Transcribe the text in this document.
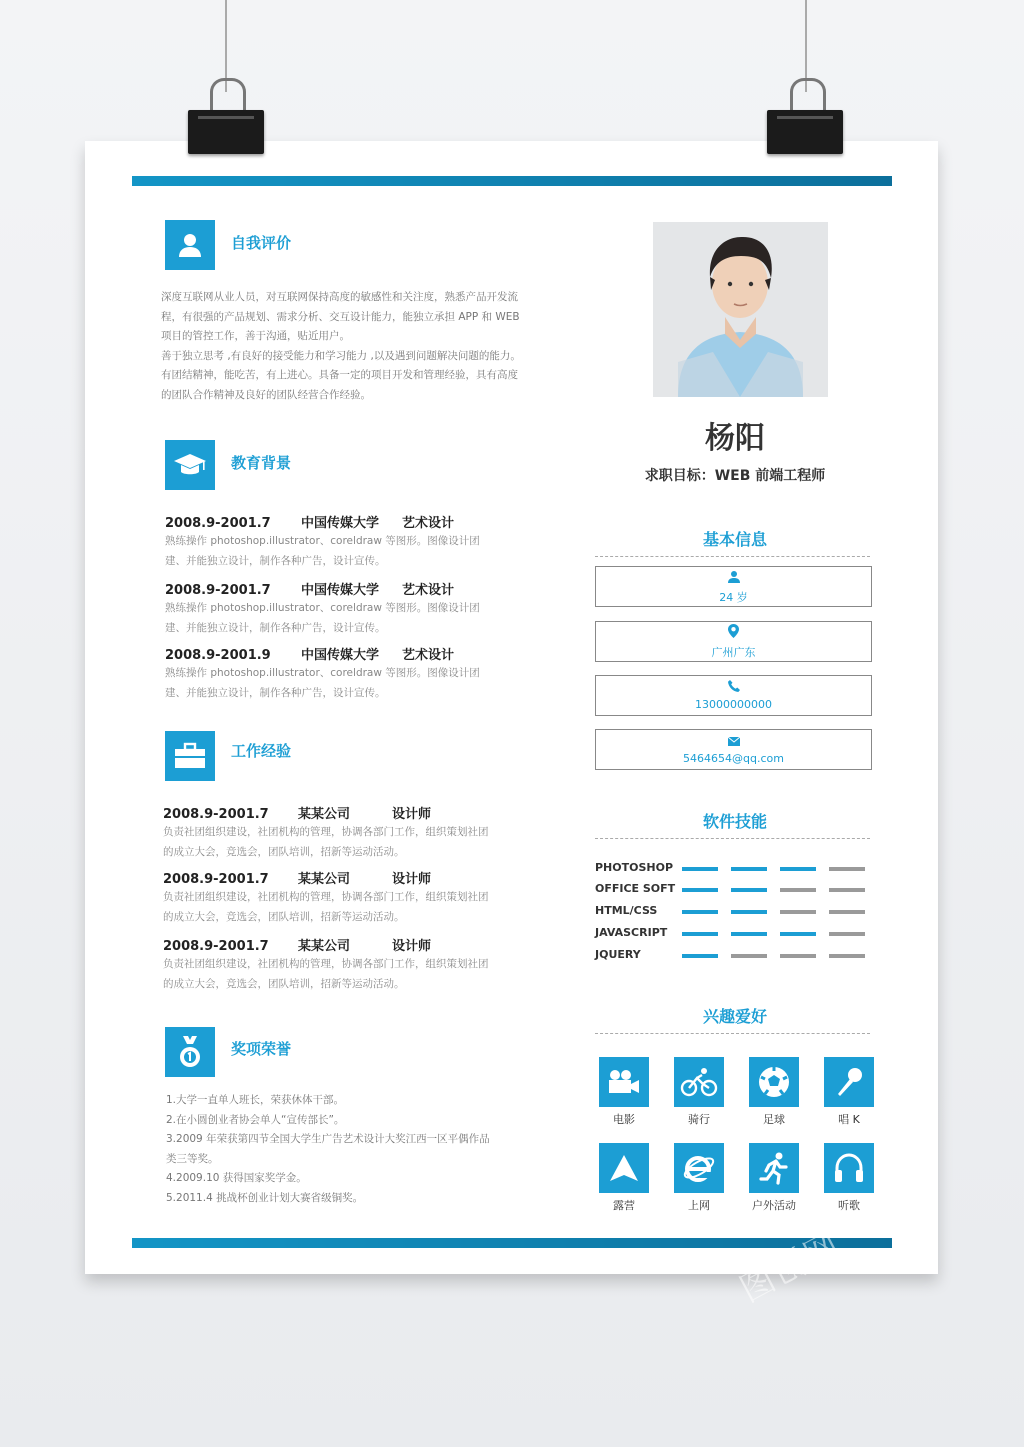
自我评价
深度互联网从业人员，对互联网保持高度的敏感性和关注度，熟悉产品开发流
程，有很强的产品规划、需求分析、交互设计能力，能独立承担 APP 和 WEB
项目的管控工作，善于沟通，贴近用户。
善于独立思考 ,有良好的接受能力和学习能力 ,以及遇到问题解决问题的能力。
有团结精神，能吃苦，有上进心。具备一定的项目开发和管理经验，具有高度
的团队合作精神及良好的团队经营合作经验。
教育背景
2008.9-2001.7 中国传媒大学 艺术设计
熟练操作 photoshop.illustrator、coreldraw 等图形。图像设计团
建、并能独立设计，制作各种广告，设计宣传。
2008.9-2001.7 中国传媒大学 艺术设计
熟练操作 photoshop.illustrator、coreldraw 等图形。图像设计团
建、并能独立设计，制作各种广告，设计宣传。
2008.9-2001.9 中国传媒大学 艺术设计
熟练操作 photoshop.illustrator、coreldraw 等图形。图像设计团
建、并能独立设计，制作各种广告，设计宣传。
工作经验
2008.9-2001.7 某某公司	设计师
负责社团组织建设，社团机构的管理，协调各部门工作，组织策划社团
的成立大会，竞选会，团队培训，招新等运动活动。
2008.9-2001.7 某某公司	设计师
负责社团组织建设，社团机构的管理，协调各部门工作，组织策划社团
的成立大会，竞选会，团队培训，招新等运动活动。
2008.9-2001.7 某某公司	设计师
负责社团组织建设，社团机构的管理，协调各部门工作，组织策划社团
的成立大会，竞选会，团队培训，招新等运动活动。
奖项荣誉
1.大学一直单人班长，荣获休体干部。
2.在小圆创业者协会单人“宣传部长”。
3.2009 年荣获第四节全国大学生广告艺术设计大奖江西一区平偶作品
类三等奖。
4.2009.10 获得国家奖学金。
5.2011.4 挑战杯创业计划大赛省级铜奖。
杨阳
求职目标：WEB 前端工程师
基本信息
24 岁
广州广东
13000000000
5464654@qq.com
软件技能
PHOTOSHOP
OFFICE SOFT
HTML/CSS
JAVASCRIPT
JQUERY
兴趣爱好
电影	骑行	足球	唱 K
露营	上网	户外活动	听歌
图创网
